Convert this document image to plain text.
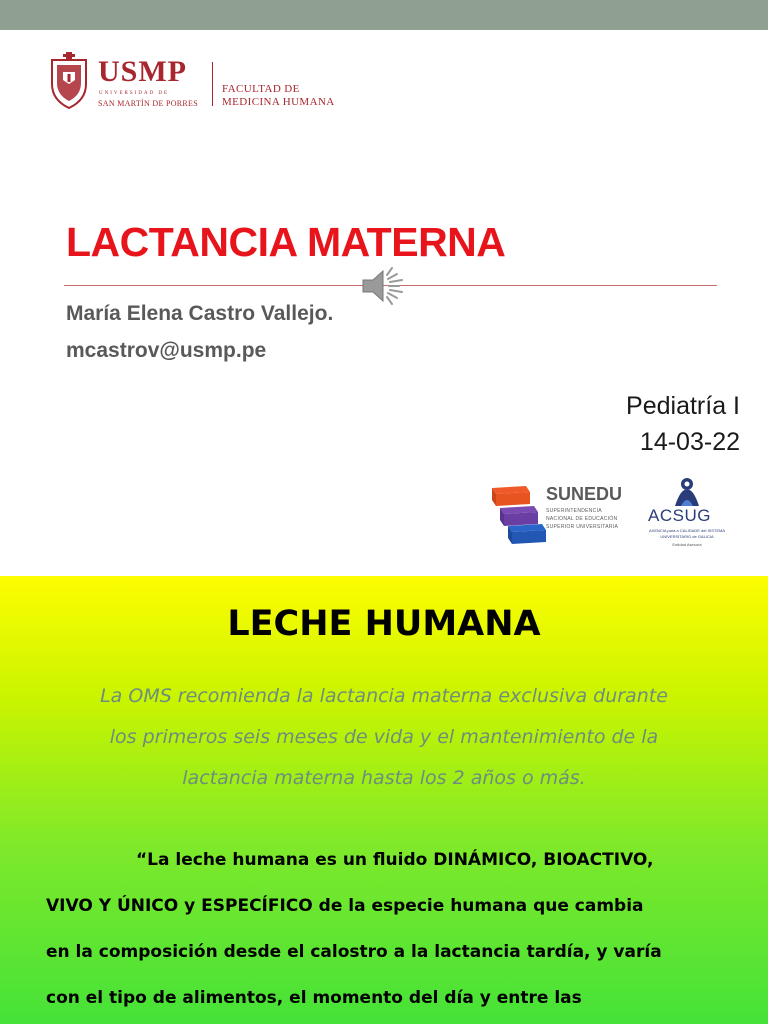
USMP
UNIVERSIDAD DE
SAN MARTÍN DE PORRES
FACULTAD DE
MEDICINA HUMANA
LACTANCIA MATERNA
María Elena Castro Vallejo.
mcastrov@usmp.pe
Pediatría I
14-03-22
SUNEDU
SUPERINTENDENCIA
NACIONAL DE EDUCACIÓN
SUPERIOR UNIVERSITARIA
ACSUG
AXENCIA para a CALIDADE del SISTEMA
UNIVERSITARIO de GALICIA
Entidad Asesora
LECHE HUMANA
La OMS recomienda la lactancia materna exclusiva durante
los primeros seis meses de vida y el mantenimiento de la
lactancia materna hasta los 2 años o más.
“La leche humana es un fluido DINÁMICO, BIOACTIVO,
VIVO Y ÚNICO y ESPECÍFICO de la especie humana que cambia
en la composición desde el calostro a la lactancia tardía, y varía
con el tipo de alimentos, el momento del día y entre las
